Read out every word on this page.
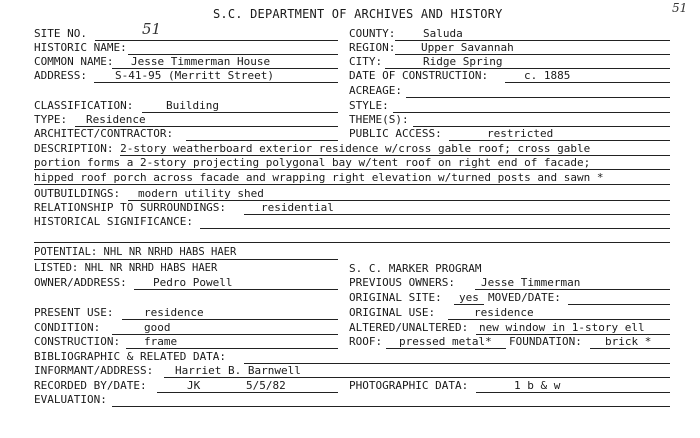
S.C. DEPARTMENT OF ARCHIVES AND HISTORY	51
SITE NO.	51	COUNTY:	Saluda
HISTORIC NAME:	REGION: Upper Savannah
COMMON NAME: Jesse Timmerman House	CITY:	Ridge Spring
ADDRESS:	S-41-95 (Merritt Street)	DATE OF CONSTRUCTION:	c. 1885
ACREAGE:
CLASSIFICATION:	Building	STYLE:
TYPE: Residence	THEME(S):
ARCHITECT/CONTRACTOR:	PUBLIC ACCESS:	restricted
DESCRIPTION: 2-story weatherboard exterior residence w/cross gable roof; cross gable
portion forms a 2-story projecting polygonal bay w/tent roof on right end of facade;
hipped roof porch across facade and wrapping right elevation w/turned posts and sawn *
OUTBUILDINGS: modern utility shed
RELATIONSHIP TO SURROUNDINGS:	residential
HISTORICAL SIGNIFICANCE:
POTENTIAL: NHL NR NRHD HABS HAER
LISTED: NHL NR NRHD HABS HAER	S. C. MARKER PROGRAM
OWNER/ADDRESS: Pedro Powell	PREVIOUS OWNERS: Jesse Timmerman
ORIGINAL SITE: yes MOVED/DATE:
PRESENT USE:	residence	ORIGINAL USE:	residence
CONDITION:	good	ALTERED/UNALTERED: new window in 1-story ell
CONSTRUCTION: frame	ROOF: pressed metal* FOUNDATION: brick *
BIBLIOGRAPHIC & RELATED DATA:
INFORMANT/ADDRESS: Harriet B. Barnwell
RECORDED BY/DATE:	JK	5/5/82	PHOTOGRAPHIC DATA:	1 b & w
EVALUATION:
